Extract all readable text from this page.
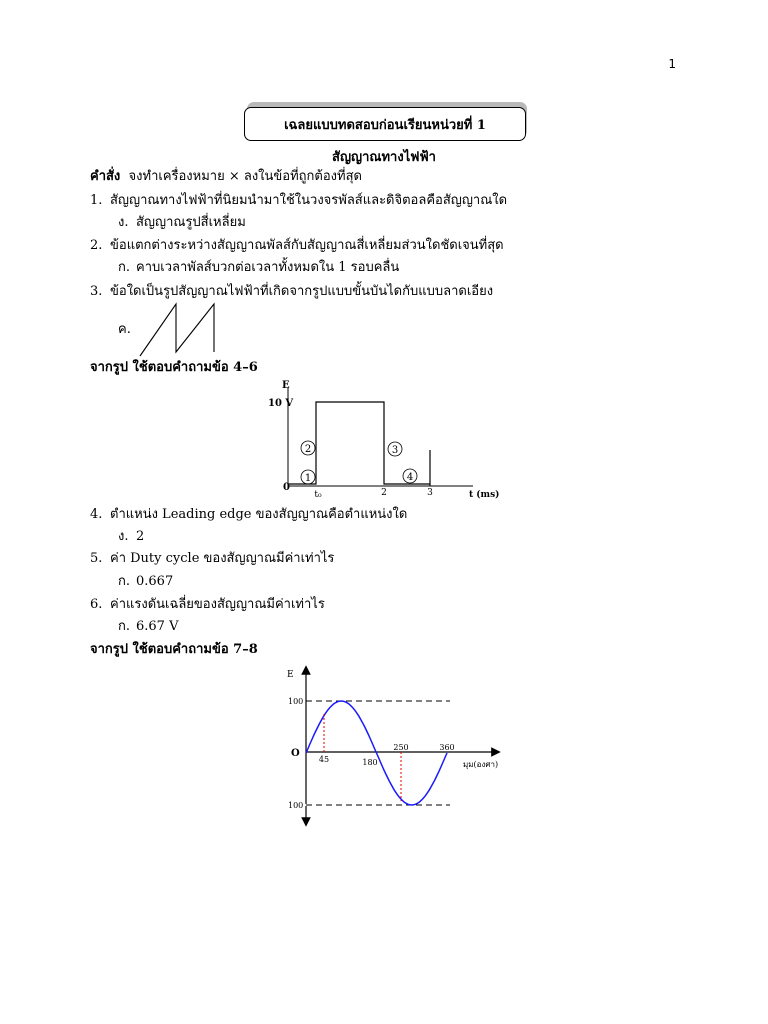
1
เฉลยแบบทดสอบก่อนเรียนหน่วยที่ 1
สัญญาณทางไฟฟ้า
คำสั่ง จงทำเครื่องหมาย × ลงในข้อที่ถูกต้องที่สุด
1. สัญญาณทางไฟฟ้าที่นิยมนำมาใช้ในวงจรพัลส์และดิจิตอลคือสัญญาณใด
ง. สัญญาณรูปสี่เหลี่ยม
2. ข้อแตกต่างระหว่างสัญญาณพัลส์กับสัญญาณสี่เหลี่ยมส่วนใดชัดเจนที่สุด
ก. คาบเวลาพัลส์บวกต่อเวลาทั้งหมดใน 1 รอบคลื่น
3. ข้อใดเป็นรูปสัญญาณไฟฟ้าที่เกิดจากรูปแบบขั้นบันไดกับแบบลาดเอียง
ค.
จากรูป ใช้ตอบคำถามข้อ 4–6
E
10 V
0
2
1
3
4
t₀	2	3	t (ms)
4. ตำแหน่ง Leading edge ของสัญญาณคือตำแหน่งใด
ง. 2
5. ค่า Duty cycle ของสัญญาณมีค่าเท่าไร
ก. 0.667
6. ค่าแรงดันเฉลี่ยของสัญญาณมีค่าเท่าไร
ก. 6.67 V
จากรูป ใช้ตอบคำถามข้อ 7–8
E
100
O
100
45	180
250	360
มุม(องศา)
